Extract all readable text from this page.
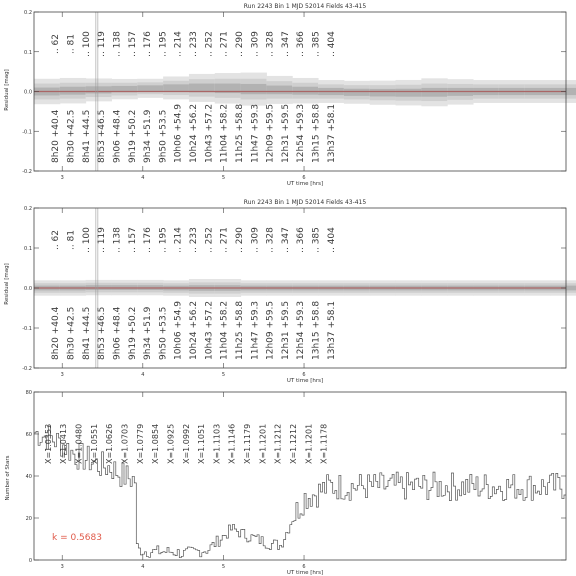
Run 2243 Bin 1 MJD 52014 Fields 43-415
UT time [hrs]
Residual [mag]
3	4	5	6
-0.2
-0.1
0.0
0.1
0.2
.. 62 .. 81 .. 100 .. 119 .. 138 .. 157 .. 176 .. 195 .. 214 .. 233 .. 252 .. 271 .. 290 .. 309 .. 328 .. 347 .. 366 .. 385 .. 404
8h20 +40.4 8h30 +42.5 8h41 +44.5 8h53 +46.5 9h06 +48.4 9h19 +50.2 9h34 +51.9 9h50 +53.5 10h06 +54.9 10h24 +56.2 10h43 +57.2 11h04 +58.2 11h25 +58.8 11h47 +59.3 12h09 +59.5 12h31 +59.5 12h54 +59.3 13h15 +58.8 13h37 +58.1
Run 2243 Bin 1 MJD 52014 Fields 43-415
UT time [hrs]
Residual [mag]
3	4	5	6
-0.2
-0.1
0.0
0.1
0.2
.. 62 .. 81 .. 100 .. 119 .. 138 .. 157 .. 176 .. 195 .. 214 .. 233 .. 252 .. 271 .. 290 .. 309 .. 328 .. 347 .. 366 .. 385 .. 404
8h20 +40.4 8h30 +42.5 8h41 +44.5 8h53 +46.5 9h06 +48.4 9h19 +50.2 9h34 +51.9 9h50 +53.5 10h06 +54.9 10h24 +56.2 10h43 +57.2 11h04 +58.2 11h25 +58.8 11h47 +59.3 12h09 +59.5 12h31 +59.5 12h54 +59.3 13h15 +58.8 13h37 +58.1
UT time [hrs]
Number of Stars
3	4	5	6
0
20
40
60
80
X=1.0353 X=1.0413 X=1.0480 X=1.0551 X=1.0626 X=1.0703 X=1.0779 X=1.0854 X=1.0925 X=1.0992 X=1.1051 X=1.1103 X=1.1146 X=1.1179 X=1.1201 X=1.1212 X=1.1212 X=1.1201 X=1.1178
k = 0.5683
